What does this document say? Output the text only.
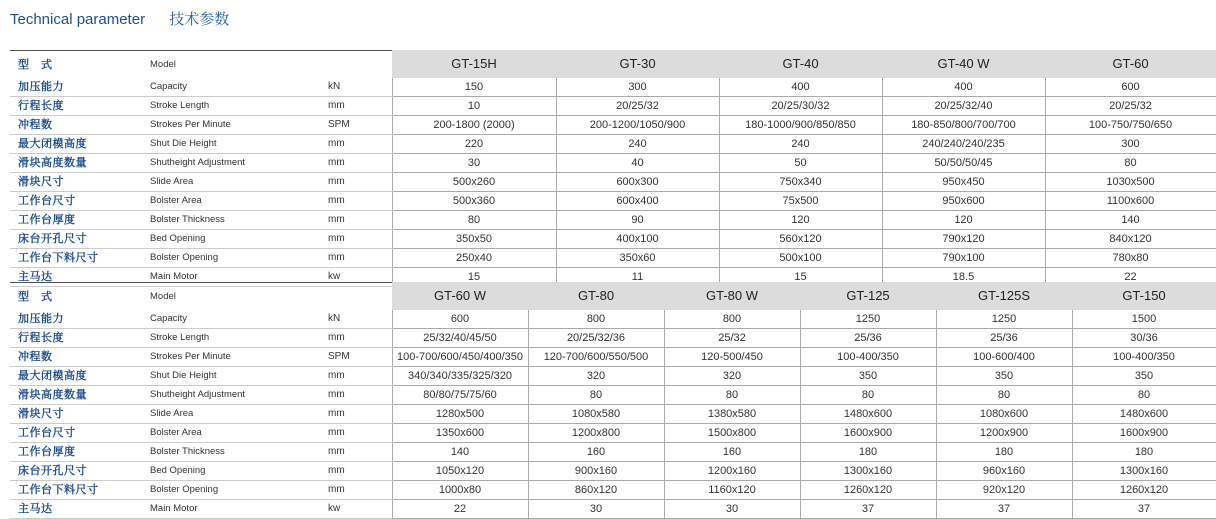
Technical parameter 技术参数
型　式	Model		GT-15H	GT-30	GT-40	GT-40 W	GT-60
加压能力	Capacity	kN	150	300	400	400	600
行程长度	Stroke Length	mm	10	20/25/32	20/25/30/32	20/25/32/40	20/25/32
冲程数	Strokes Per Minute	SPM	200-1800 (2000)	200-1200/1050/900	180-1000/900/850/850	180-850/800/700/700	100-750/750/650
最大闭模高度	Shut Die Height	mm	220	240	240	240/240/240/235	300
滑块高度数量	Shutheight Adjustment	mm	30	40	50	50/50/50/45	80
滑块尺寸	Slide Area	mm	500x260	600x300	750x340	950x450	1030x500
工作台尺寸	Bolster Area	mm	500x360	600x400	75x500	950x600	1100x600
工作台厚度	Bolster Thickness	mm	80	90	120	120	140
床台开孔尺寸	Bed Opening	mm	350x50	400x100	560x120	790x120	840x120
工作台下料尺寸	Bolster Opening	mm	250x40	350x60	500x100	790x100	780x80
主马达	Main Motor	kw	15	11	15	18.5	22
型　式	Model		GT-60 W	GT-80	GT-80 W	GT-125	GT-125S	GT-150
加压能力	Capacity	kN	600	800	800	1250	1250	1500
行程长度	Stroke Length	mm	25/32/40/45/50	20/25/32/36	25/32	25/36	25/36	30/36
冲程数	Strokes Per Minute	SPM	100-700/600/450/400/350	120-700/600/550/500	120-500/450	100-400/350	100-600/400	100-400/350
最大闭模高度	Shut Die Height	mm	340/340/335/325/320	320	320	350	350	350
滑块高度数量	Shutheight Adjustment	mm	80/80/75/75/60	80	80	80	80	80
滑块尺寸	Slide Area	mm	1280x500	1080x580	1380x580	1480x600	1080x600	1480x600
工作台尺寸	Bolster Area	mm	1350x600	1200x800	1500x800	1600x900	1200x900	1600x900
工作台厚度	Bolster Thickness	mm	140	160	160	180	180	180
床台开孔尺寸	Bed Opening	mm	1050x120	900x160	1200x160	1300x160	960x160	1300x160
工作台下料尺寸	Bolster Opening	mm	1000x80	860x120	1160x120	1260x120	920x120	1260x120
主马达	Main Motor	kw	22	30	30	37	37	37
